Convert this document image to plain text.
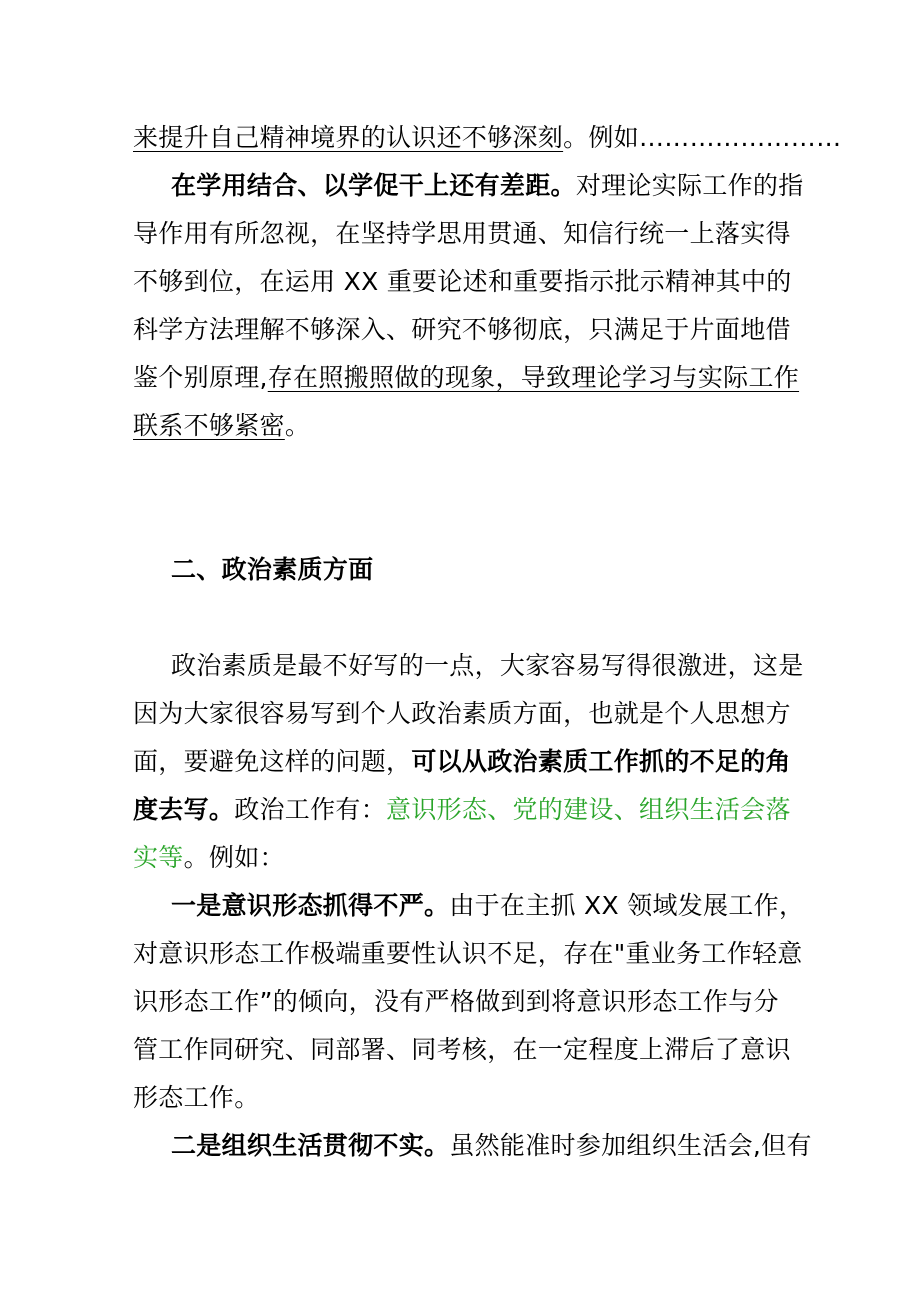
来提升自己精神境界的认识还不够深刻。例如……………………
在学用结合、以学促干上还有差距。对理论实际工作的指
导作用有所忽视，在坚持学思用贯通、知信行统一上落实得
不够到位，在运用 XX 重要论述和重要指示批示精神其中的
科学方法理解不够深入、研究不够彻底，只满足于片面地借
鉴个别原理,存在照搬照做的现象，导致理论学习与实际工作
联系不够紧密。
二、政治素质方面
政治素质是最不好写的一点，大家容易写得很激进，这是
因为大家很容易写到个人政治素质方面，也就是个人思想方
面，要避免这样的问题，可以从政治素质工作抓的不足的角
度去写。政治工作有：意识形态、党的建设、组织生活会落
实等。例如：
一是意识形态抓得不严。由于在主抓 XX 领域发展工作，
对意识形态工作极端重要性认识不足，存在"重业务工作轻意
识形态工作”的倾向，没有严格做到到将意识形态工作与分
管工作同研究、同部署、同考核，在一定程度上滞后了意识
形态工作。
二是组织生活贯彻不实。虽然能准时参加组织生活会,但有
